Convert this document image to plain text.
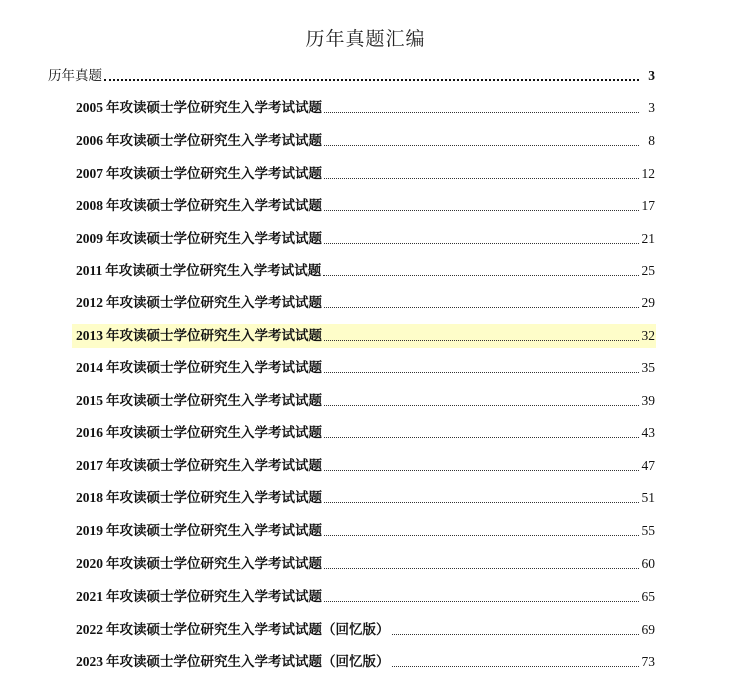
历年真题汇编
历年真题	3
2005 年攻读硕士学位研究生入学考试试题	3
2006 年攻读硕士学位研究生入学考试试题	8
2007 年攻读硕士学位研究生入学考试试题	12
2008 年攻读硕士学位研究生入学考试试题	17
2009 年攻读硕士学位研究生入学考试试题	21
2011 年攻读硕士学位研究生入学考试试题	25
2012 年攻读硕士学位研究生入学考试试题	29
2013 年攻读硕士学位研究生入学考试试题	32
2014 年攻读硕士学位研究生入学考试试题	35
2015 年攻读硕士学位研究生入学考试试题	39
2016 年攻读硕士学位研究生入学考试试题	43
2017 年攻读硕士学位研究生入学考试试题	47
2018 年攻读硕士学位研究生入学考试试题	51
2019 年攻读硕士学位研究生入学考试试题	55
2020 年攻读硕士学位研究生入学考试试题	60
2021 年攻读硕士学位研究生入学考试试题	65
2022 年攻读硕士学位研究生入学考试试题（回忆版）	69
2023 年攻读硕士学位研究生入学考试试题（回忆版）	73
